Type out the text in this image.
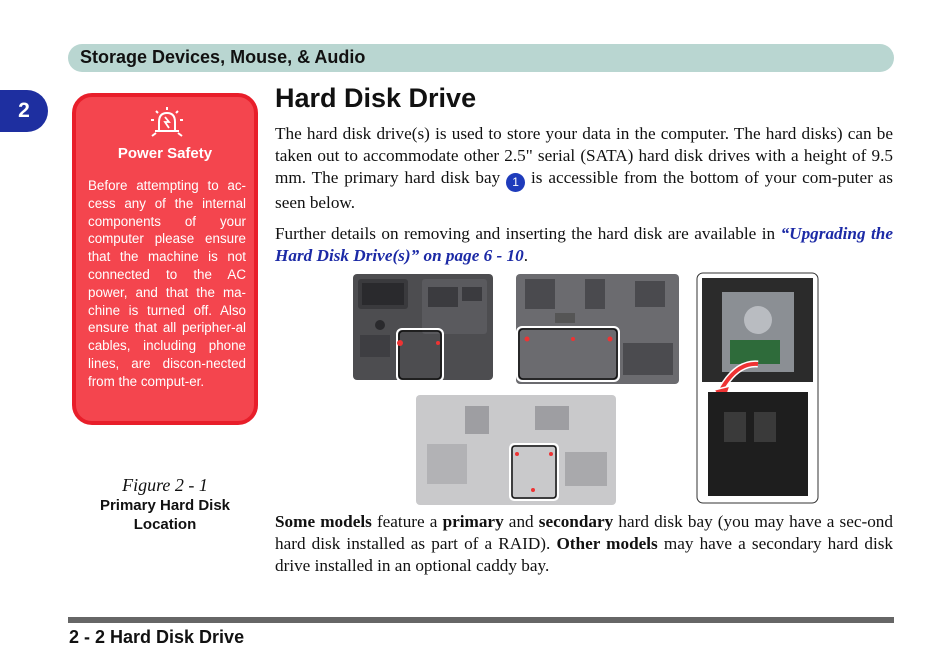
Storage Devices, Mouse, & Audio
2
Power Safety
Before attempting to ac-cess any of the internal components of your computer please ensure that the machine is not connected to the AC power, and that the ma-chine is turned off. Also ensure that all peripher-al cables, including phone lines, are discon-nected from the comput-er.
Figure 2 - 1
Primary Hard Disk
Location
Hard Disk Drive

The hard disk drive(s) is used to store your data in the computer. The hard disks) can be taken out to accommodate other 2.5" serial (SATA) hard disk drives with a height of 9.5 mm. The primary hard disk bay 1 is accessible from the bottom of your com-puter as seen below.

Further details on removing and inserting the hard disk are available in “Upgrading the Hard Disk Drive(s)” on page 6 - 10.

Some models feature a primary and secondary hard disk bay (you may have a sec-ond hard disk installed as part of a RAID). Other models may have a secondary hard disk drive installed in an optional caddy bay.

2 - 2 Hard Disk Drive
